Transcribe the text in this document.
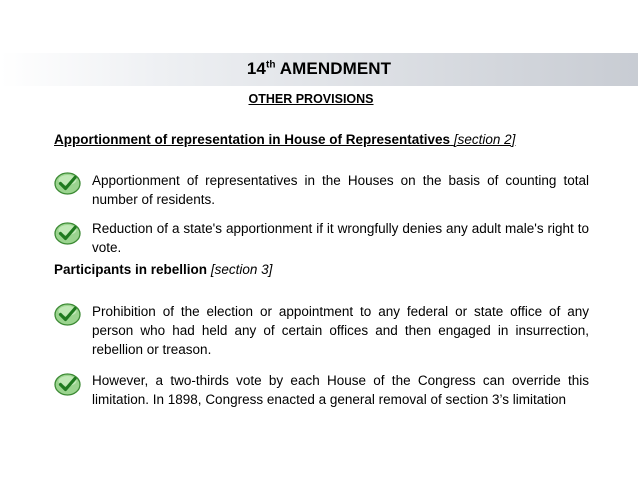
14th AMENDMENT
OTHER PROVISIONS
Apportionment of representation in House of Representatives [section 2]
Apportionment of representatives in the Houses on the basis of counting total number of residents.
Reduction of a state's apportionment if it wrongfully denies any adult male's right to vote.
Participants in rebellion [section 3]
Prohibition of the election or appointment to any federal or state office of any person who had held any of certain offices and then engaged in insurrection, rebellion or treason.
However, a two-thirds vote by each House of the Congress can override this limitation. In 1898, Congress enacted a general removal of section 3’s limitation
